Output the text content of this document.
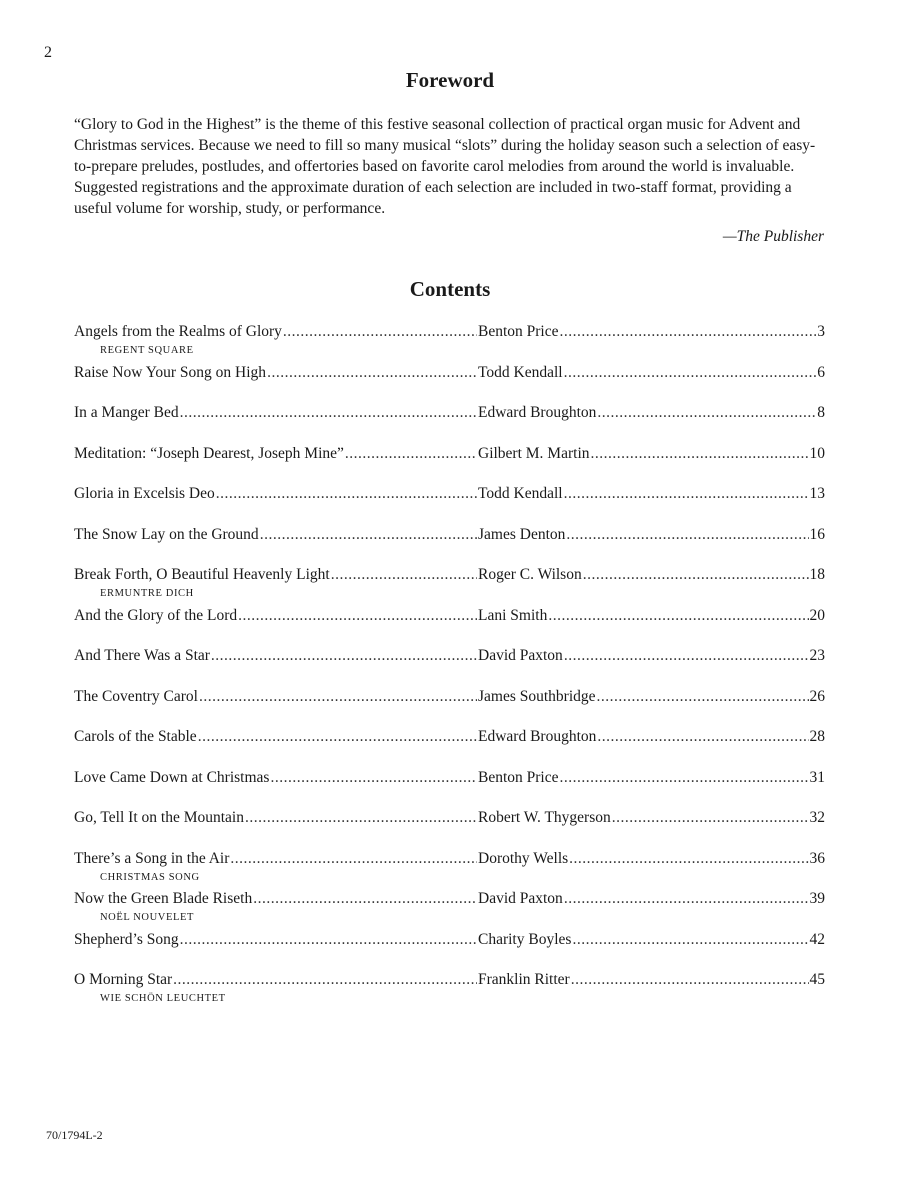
2
Foreword

“Glory to God in the Highest” is the theme of this festive seasonal collection of practical organ music for Advent and Christmas services. Because we need to fill so many musical “slots” during the holiday season such a selection of easy-to-prepare preludes, postludes, and offertories based on favorite carol melodies from around the world is invaluable. Suggested registrations and the approximate duration of each selection are included in two-staff format, providing a useful volume for worship, study, or performance.

—The Publisher
Contents
Angels from the Realms of Glory .....	Benton Price .....	3
REGENT SQUARE
Raise Now Your Song on High .....	Todd Kendall .....	6
In a Manger Bed .....	Edward Broughton .....	8
Meditation: “Joseph Dearest, Joseph Mine” .....	Gilbert M. Martin .....	10
Gloria in Excelsis Deo .....	Todd Kendall .....	13
The Snow Lay on the Ground .....	James Denton .....	16
Break Forth, O Beautiful Heavenly Light .....	Roger C. Wilson .....	18
ERMUNTRE DICH
And the Glory of the Lord .....	Lani Smith .....	20
And There Was a Star .....	David Paxton .....	23
The Coventry Carol .....	James Southbridge .....	26
Carols of the Stable .....	Edward Broughton .....	28
Love Came Down at Christmas .....	Benton Price .....	31
Go, Tell It on the Mountain .....	Robert W. Thygerson .....	32
There’s a Song in the Air .....	Dorothy Wells .....	36
CHRISTMAS SONG
Now the Green Blade Riseth .....	David Paxton .....	39
NOËL NOUVELET
Shepherd’s Song .....	Charity Boyles .....	42
O Morning Star .....	Franklin Ritter .....	45
WIE SCHÖN LEUCHTET
70/1794L-2
